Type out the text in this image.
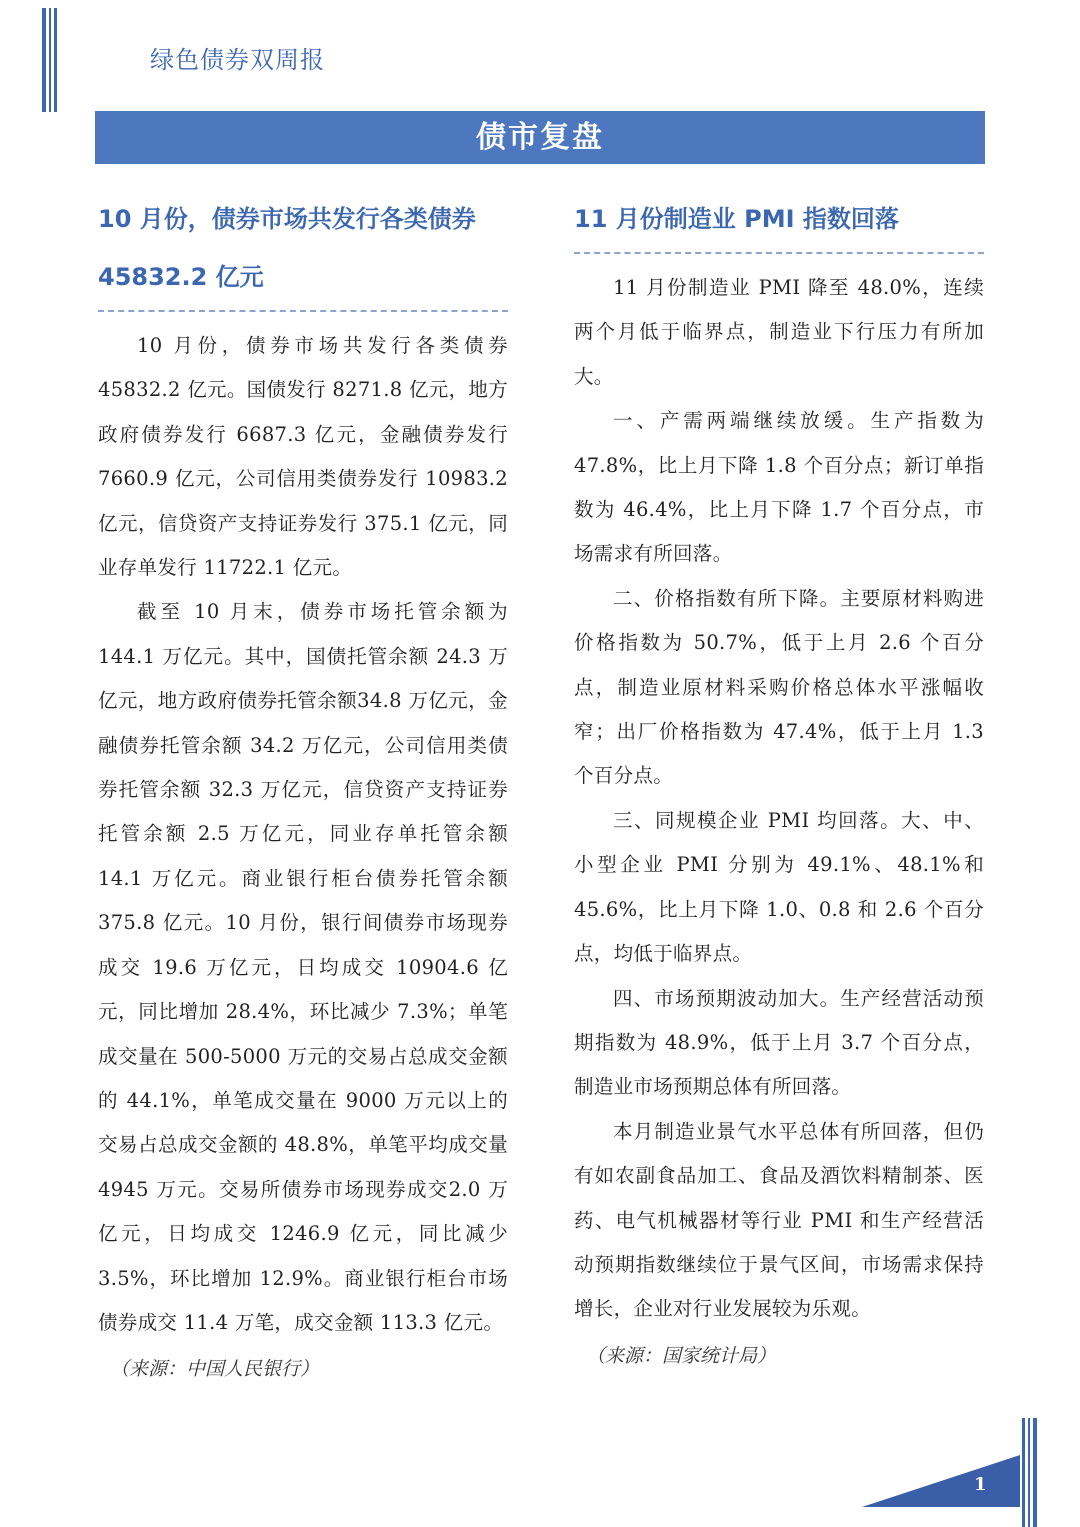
绿色债券双周报
债市复盘
10 月份，债券市场共发行各类债券 45832.2 亿元

10 月份，债券市场共发行各类债券45832.2 亿元。国债发行 8271.8 亿元，地方政府债券发行 6687.3 亿元，金融债券发行7660.9 亿元，公司信用类债券发行 10983.2 亿元，信贷资产支持证券发行 375.1 亿元，同业存单发行 11722.1 亿元。

截至 10 月末，债券市场托管余额为144.1 万亿元。其中，国债托管余额 24.3 万亿元，地方政府债券托管余额34.8 万亿元，金融债券托管余额 34.2 万亿元，公司信用类债券托管余额 32.3 万亿元，信贷资产支持证券托管余额 2.5 万亿元，同业存单托管余额 14.1 万亿元。商业银行柜台债券托管余额 375.8 亿元。10 月份，银行间债券市场现券成交 19.6 万亿元，日均成交 10904.6 亿元，同比增加 28.4%，环比减少 7.3%；单笔成交量在 500-5000 万元的交易占总成交金额的 44.1%，单笔成交量在 9000 万元以上的交易占总成交金额的 48.8%，单笔平均成交量 4945 万元。交易所债券市场现券成交2.0 万亿元，日均成交 1246.9 亿元，同比减少 3.5%，环比增加 12.9%。商业银行柜台市场债券成交 11.4 万笔，成交金额 113.3 亿元。

（来源：中国人民银行）
11 月份制造业 PMI 指数回落

11 月份制造业 PMI 降至 48.0%，连续两个月低于临界点，制造业下行压力有所加大。

一、产需两端继续放缓。生产指数为47.8%，比上月下降 1.8 个百分点；新订单指数为 46.4%，比上月下降 1.7 个百分点，市场需求有所回落。

二、价格指数有所下降。主要原材料购进价格指数为 50.7%，低于上月 2.6 个百分点，制造业原材料采购价格总体水平涨幅收窄；出厂价格指数为 47.4%，低于上月 1.3 个百分点。

三、同规模企业 PMI 均回落。大、中、小型企业 PMI 分别为 49.1%、48.1%和 45.6%，比上月下降 1.0、0.8 和 2.6 个百分点，均低于临界点。

四、市场预期波动加大。生产经营活动预期指数为 48.9%，低于上月 3.7 个百分点，制造业市场预期总体有所回落。

本月制造业景气水平总体有所回落，但仍有如农副食品加工、食品及酒饮料精制茶、医药、电气机械器材等行业 PMI 和生产经营活动预期指数继续位于景气区间，市场需求保持增长，企业对行业发展较为乐观。

（来源：国家统计局）
1
